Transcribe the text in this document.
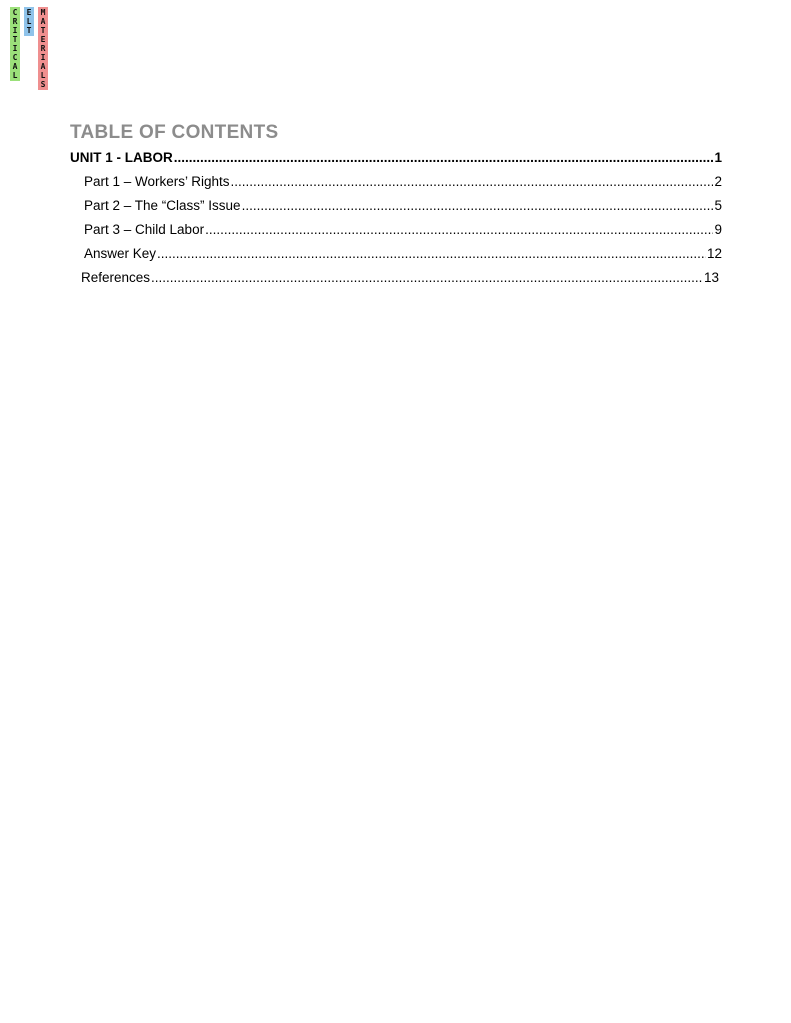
C
R
I
T
I
C
A
L
E
L
T
M
A
T
E
R
I
A
L
S
TABLE OF CONTENTS
UNIT 1 - LABOR .....	1
Part 1 – Workers’ Rights .....	2
Part 2 – The “Class” Issue .....	5
Part 3 – Child Labor .....	9
Answer Key .....	12
References .....	13
